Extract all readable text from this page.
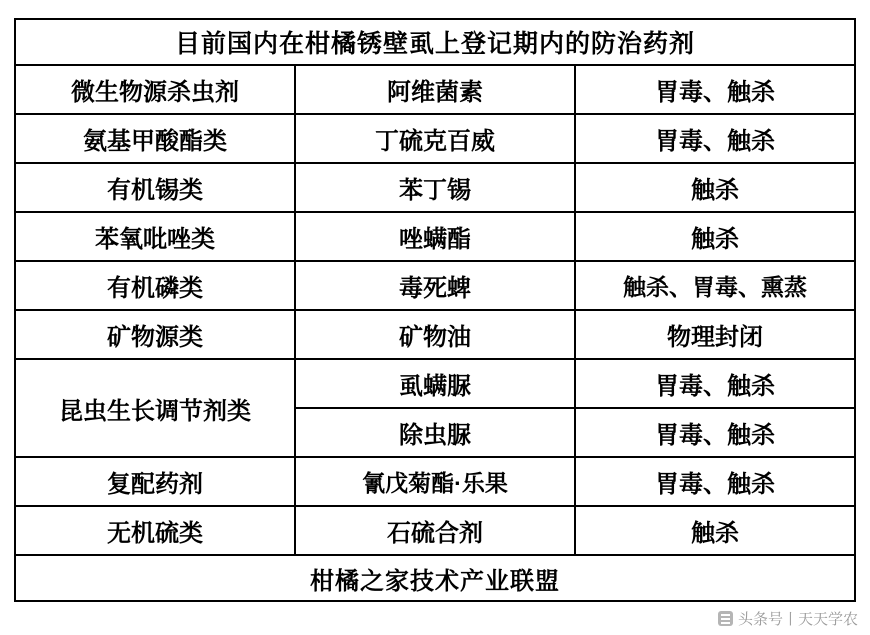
目前国内在柑橘锈壁虱上登记期内的防治药剂		
微生物源杀虫剂	阿维菌素	胃毒、触杀
氨基甲酸酯类	丁硫克百威	胃毒、触杀
有机锡类	苯丁锡	触杀
苯氧吡唑类	唑螨酯	触杀
有机磷类	毒死蜱	触杀、胃毒、熏蒸
矿物源类	矿物油	物理封闭
昆虫生长调节剂类	虱螨脲	胃毒、触杀
	除虫脲	胃毒、触杀
复配药剂	氰戊菊酯·乐果	胃毒、触杀
无机硫类	石硫合剂	触杀
柑橘之家技术产业联盟		
头条号丨天天学农
